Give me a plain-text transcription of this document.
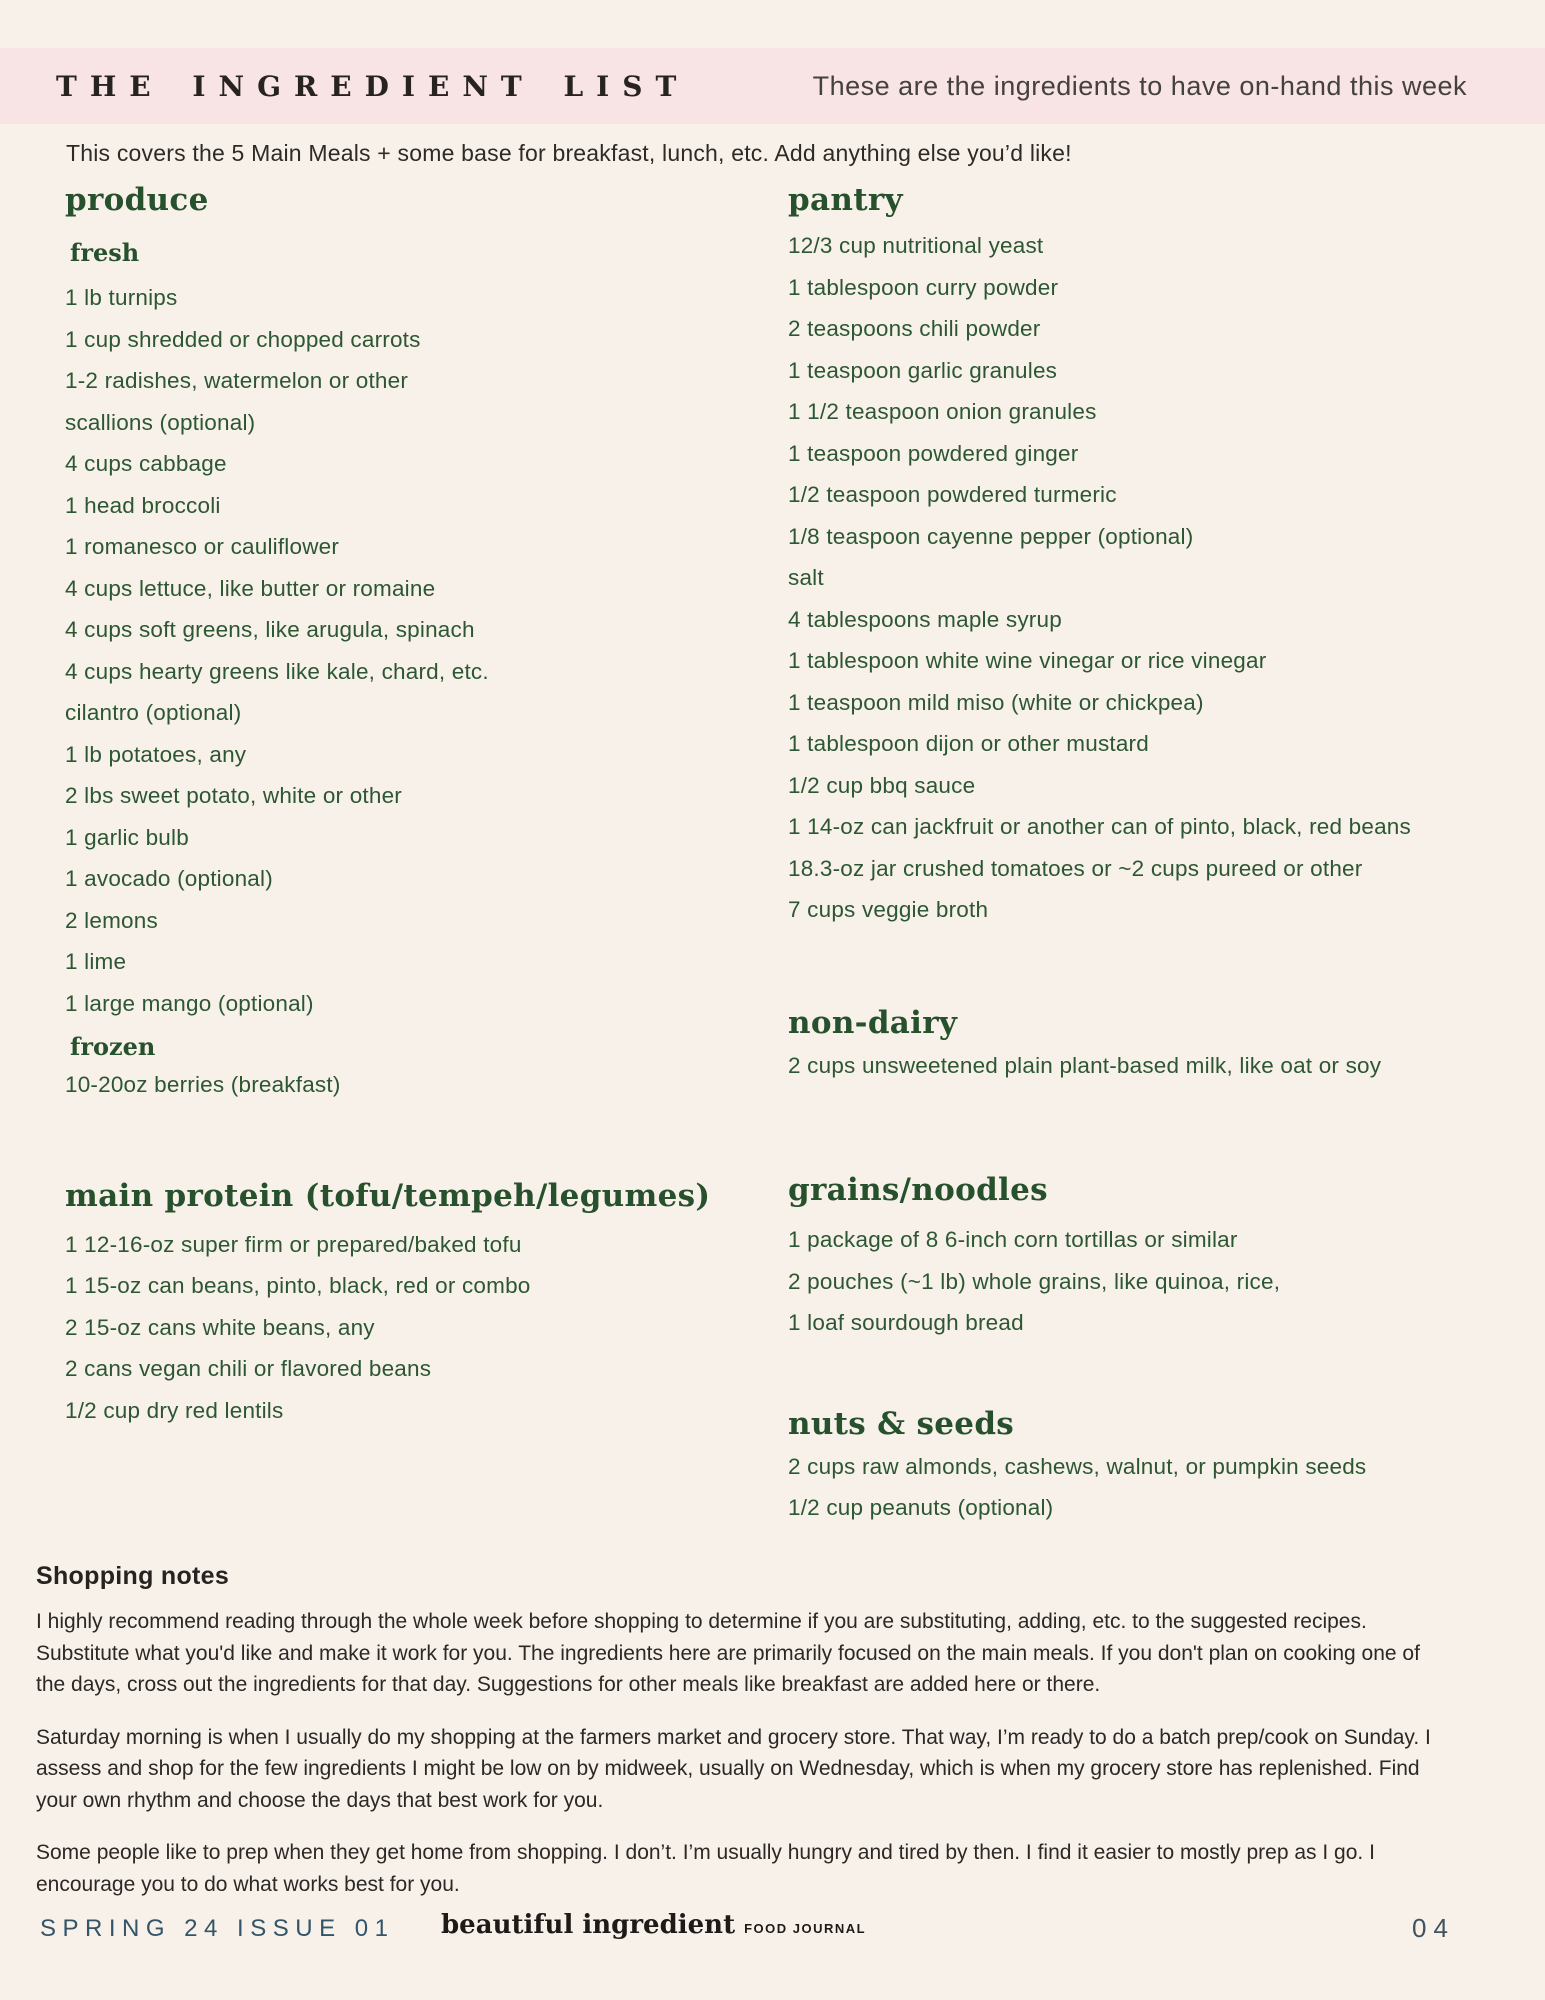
THE INGREDIENT LIST	These are the ingredients to have on-hand this week
This covers the 5 Main Meals + some base for breakfast, lunch, etc. Add anything else you’d like!
produce
fresh
1 lb turnips
1 cup shredded or chopped carrots
1-2 radishes, watermelon or other
scallions (optional)
4 cups cabbage
1 head broccoli
1 romanesco or cauliflower
4 cups lettuce, like butter or romaine
4 cups soft greens, like arugula, spinach
4 cups hearty greens like kale, chard, etc.
cilantro (optional)
1 lb potatoes, any
2 lbs sweet potato, white or other
1 garlic bulb
1 avocado (optional)
2 lemons
1 lime
1 large mango (optional)
frozen
10-20oz berries (breakfast)
main protein (tofu/tempeh/legumes)
1 12-16-oz super firm or prepared/baked tofu
1 15-oz can beans, pinto, black, red or combo
2 15-oz cans white beans, any
2 cans vegan chili or flavored beans
1/2 cup dry red lentils
pantry
12/3 cup nutritional yeast
1 tablespoon curry powder
2 teaspoons chili powder
1 teaspoon garlic granules
1 1/2 teaspoon onion granules
1 teaspoon powdered ginger
1/2 teaspoon powdered turmeric
1/8 teaspoon cayenne pepper (optional)
salt
4 tablespoons maple syrup
1 tablespoon white wine vinegar or rice vinegar
1 teaspoon mild miso (white or chickpea)
1 tablespoon dijon or other mustard
1/2 cup bbq sauce
1 14-oz can jackfruit or another can of pinto, black, red beans
18.3-oz jar crushed tomatoes or ~2 cups pureed or other
7 cups veggie broth
non-dairy
2 cups unsweetened plain plant-based milk, like oat or soy
grains/noodles
1 package of 8 6-inch corn tortillas or similar
2 pouches (~1 lb) whole grains, like quinoa, rice,
1 loaf sourdough bread
nuts & seeds
2 cups raw almonds, cashews, walnut, or pumpkin seeds
1/2 cup peanuts (optional)
Shopping notes

I highly recommend reading through the whole week before shopping to determine if you are substituting, adding, etc. to the suggested recipes.
Substitute what you'd like and make it work for you. The ingredients here are primarily focused on the main meals. If you don't plan on cooking one of
the days, cross out the ingredients for that day. Suggestions for other meals like breakfast are added here or there.

Saturday morning is when I usually do my shopping at the farmers market and grocery store. That way, I’m ready to do a batch prep/cook on Sunday. I
assess and shop for the few ingredients I might be low on by midweek, usually on Wednesday, which is when my grocery store has replenished. Find
your own rhythm and choose the days that best work for you.

Some people like to prep when they get home from shopping. I don’t. I’m usually hungry and tired by then. I find it easier to mostly prep as I go. I
encourage you to do what works best for you.

SPRING 24 ISSUE 01 beautiful ingredient FOOD JOURNAL	04
